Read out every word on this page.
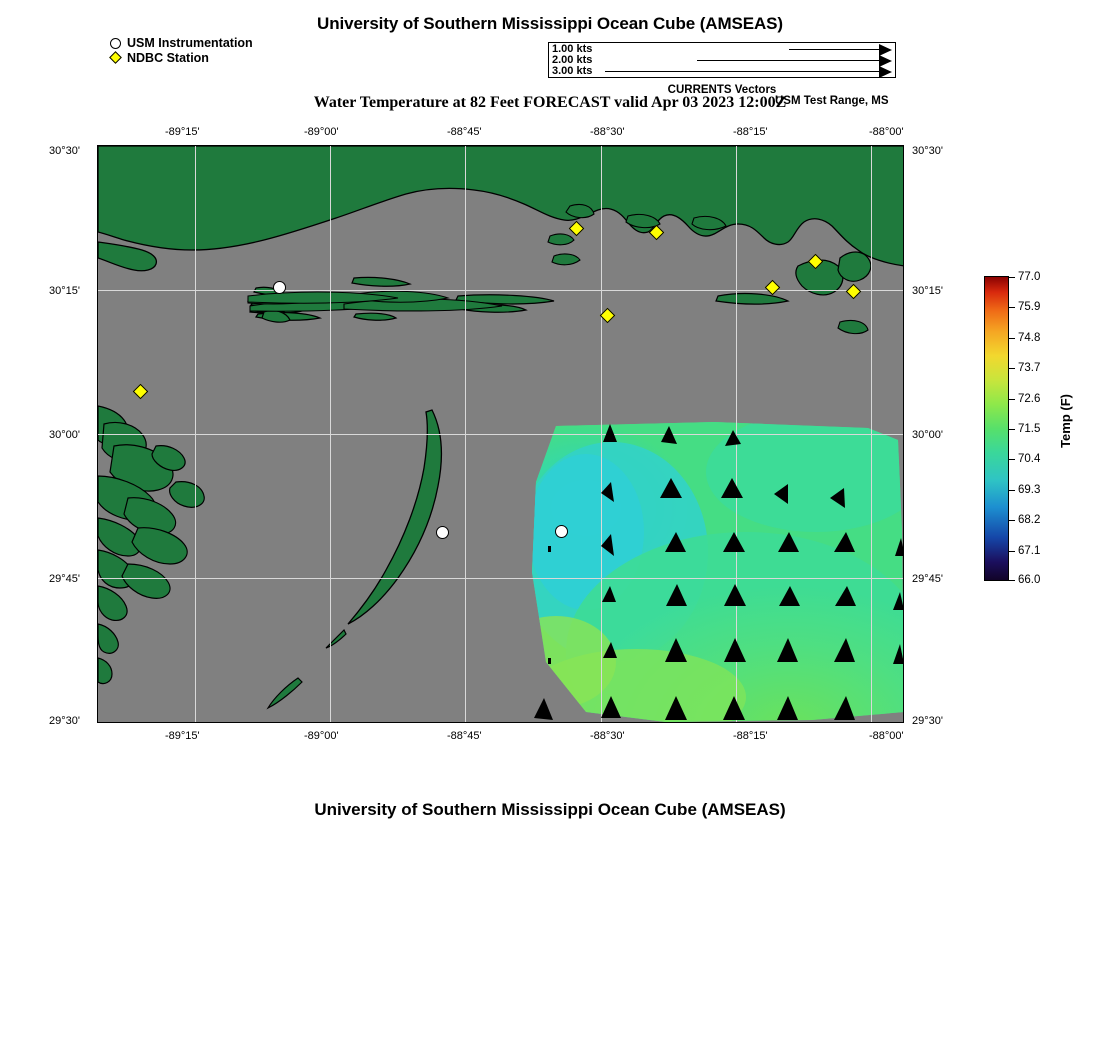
University of Southern Mississippi Ocean Cube (AMSEAS)
Water Temperature at 82 Feet FORECAST valid Apr 03 2023 12:00Z
USM Test Range, MS
University of Southern Mississippi Ocean Cube (AMSEAS)
USM Instrumentation
NDBC Station
1.00 kts
2.00 kts
3.00 kts
CURRENTS Vectors
-89°15'	-89°00'	-88°45'	-88°30'	-88°15'	-88°00'
-89°15'	-89°00'	-88°45'	-88°30'	-88°15'	-88°00'
30°30'
30°15'
30°00'
29°45'
29°30'
30°30'
30°15'
30°00'
29°45'
29°30'
77.0
75.9
74.8
73.7
72.6
71.5
70.4
69.3
68.2
67.1
66.0
Temp (F)
